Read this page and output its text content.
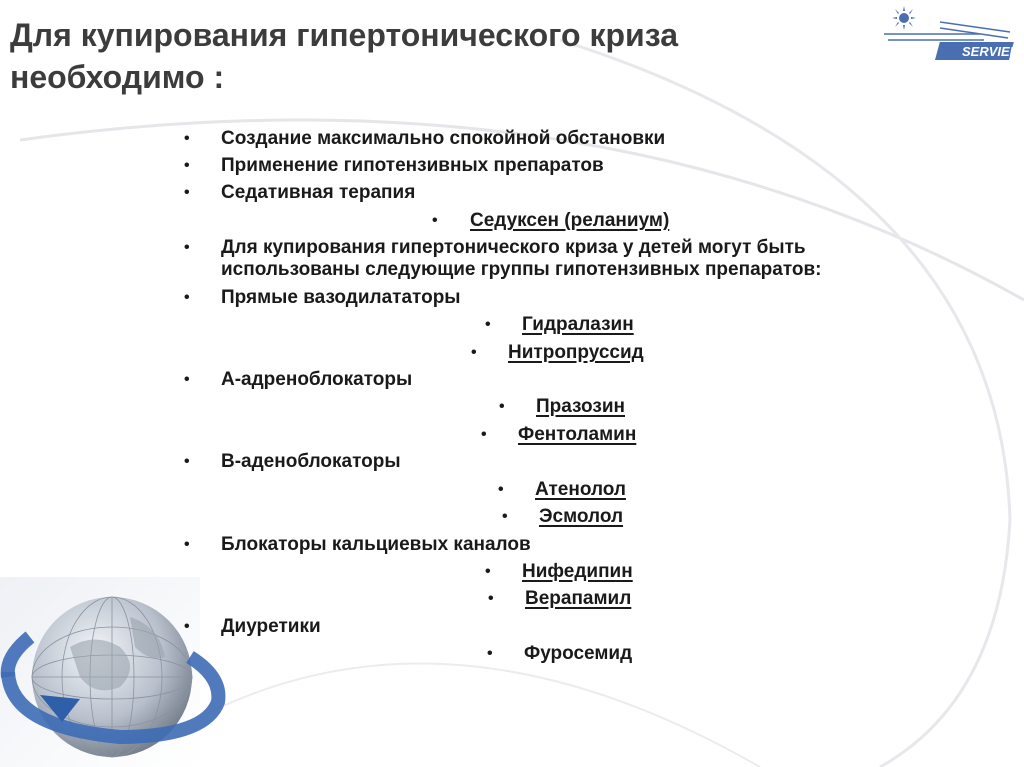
Для купирования гипертонического криза необходимо :
SERVIER
• Создание максимально спокойной обстановки
• Применение гипотензивных препаратов
• Седативная терапия
• Седуксен (реланиум)
• Для купирования гипертонического криза у детей могут быть
использованы следующие группы гипотензивных препаратов:
• Прямые вазодилататоры
• Гидралазин
• Нитропруссид
• А-адреноблокаторы
• Празозин
• Фентоламин
• В-аденоблокаторы
• Атенолол
• Эсмолол
• Блокаторы кальциевых каналов
• Нифедипин
• Верапамил
• Диуретики
• Фуросемид
